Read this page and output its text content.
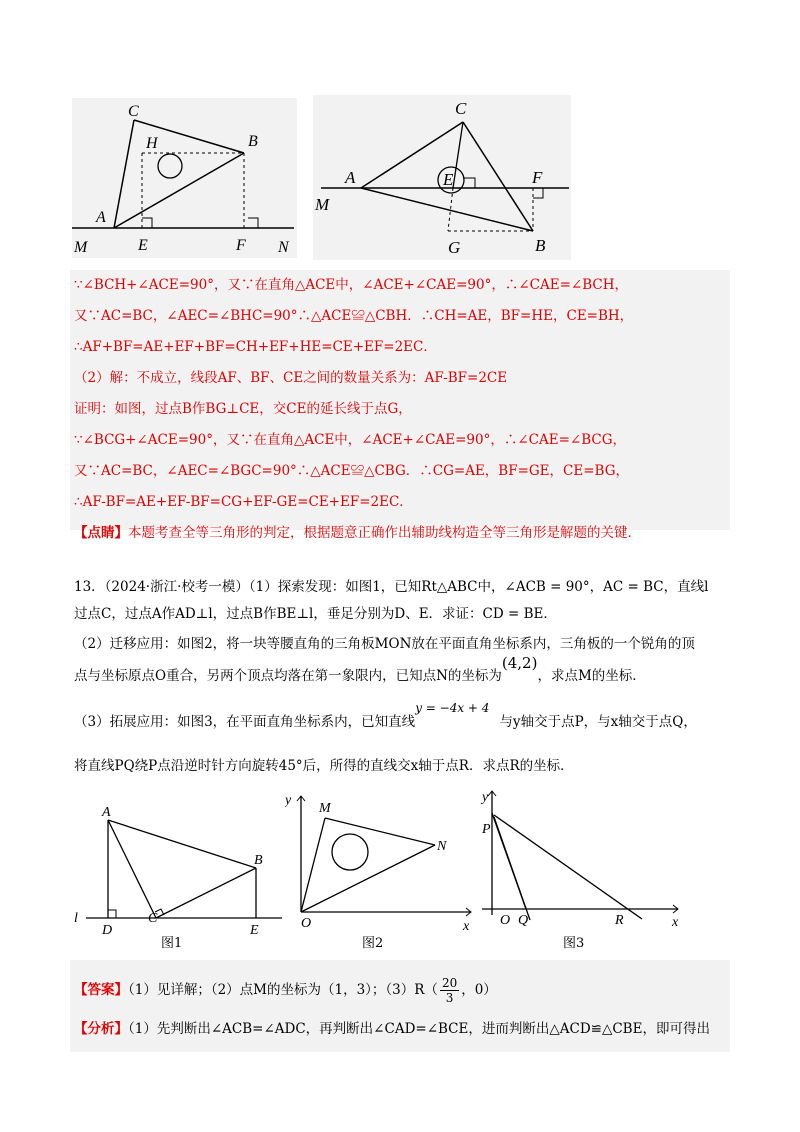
C
H	B
A
M	E	F N
C
A	E	F
M
G	B
∵∠BCH+∠ACE=90°，又∵在直角△ACE中，∠ACE+∠CAE=90°，∴∠CAE=∠BCH，
又∵AC=BC，∠AEC=∠BHC=90°∴△ACE≌△CBH．∴CH=AE，BF=HE，CE=BH，
∴AF+BF=AE+EF+BF=CH+EF+HE=CE+EF=2EC．
（2）解：不成立，线段AF、BF、CE之间的数量关系为：AF-BF=2CE
证明：如图，过点B作BG⊥CE，交CE的延长线于点G，
∵∠BCG+∠ACE=90°，又∵在直角△ACE中，∠ACE+∠CAE=90°，∴∠CAE=∠BCG，
又∵AC=BC，∠AEC=∠BGC=90°∴△ACE≌△CBG．∴CG=AE，BF=GE，CE=BG，
∴AF-BF=AE+EF-BF=CG+EF-GE=CE+EF=2EC．
【点睛】本题考查全等三角形的判定，根据题意正确作出辅助线构造全等三角形是解题的关键．
13．（2024·浙江·校考一模）（1）探索发现：如图1，已知Rt△ABC中，∠ACB = 90°，AC = BC，直线l
过点C，过点A作AD⊥l，过点B作BE⊥l，垂足分别为D、E．求证：CD = BE．
（2）迁移应用：如图2，将一块等腰直角的三角板MON放在平面直角坐标系内，三角板的一个锐角的顶
点与坐标原点O重合，另两个顶点均落在第一象限内，已知点N的坐标为(4,2)，求点M的坐标．
（3）拓展应用：如图3，在平面直角坐标系内，已知直线y = −4x + 4与y轴交于点P，与x轴交于点Q，
将直线PQ绕P点沿逆时针方向旋转45°后，所得的直线交x轴于点R．求点R的坐标．
A
B
l
D
C
E
图1
y
M
N
O	x
图2
y
P
O Q	R	x
图3
【答案】（1）见详解；（2）点M的坐标为（1，3）；$(3)R( \frac{20}{3}$ ，0）
【分析】（1）先判断出∠ACB=∠ADC，再判断出∠CAD=∠BCE，进而判断出△ACD≌△CBE，即可得出
